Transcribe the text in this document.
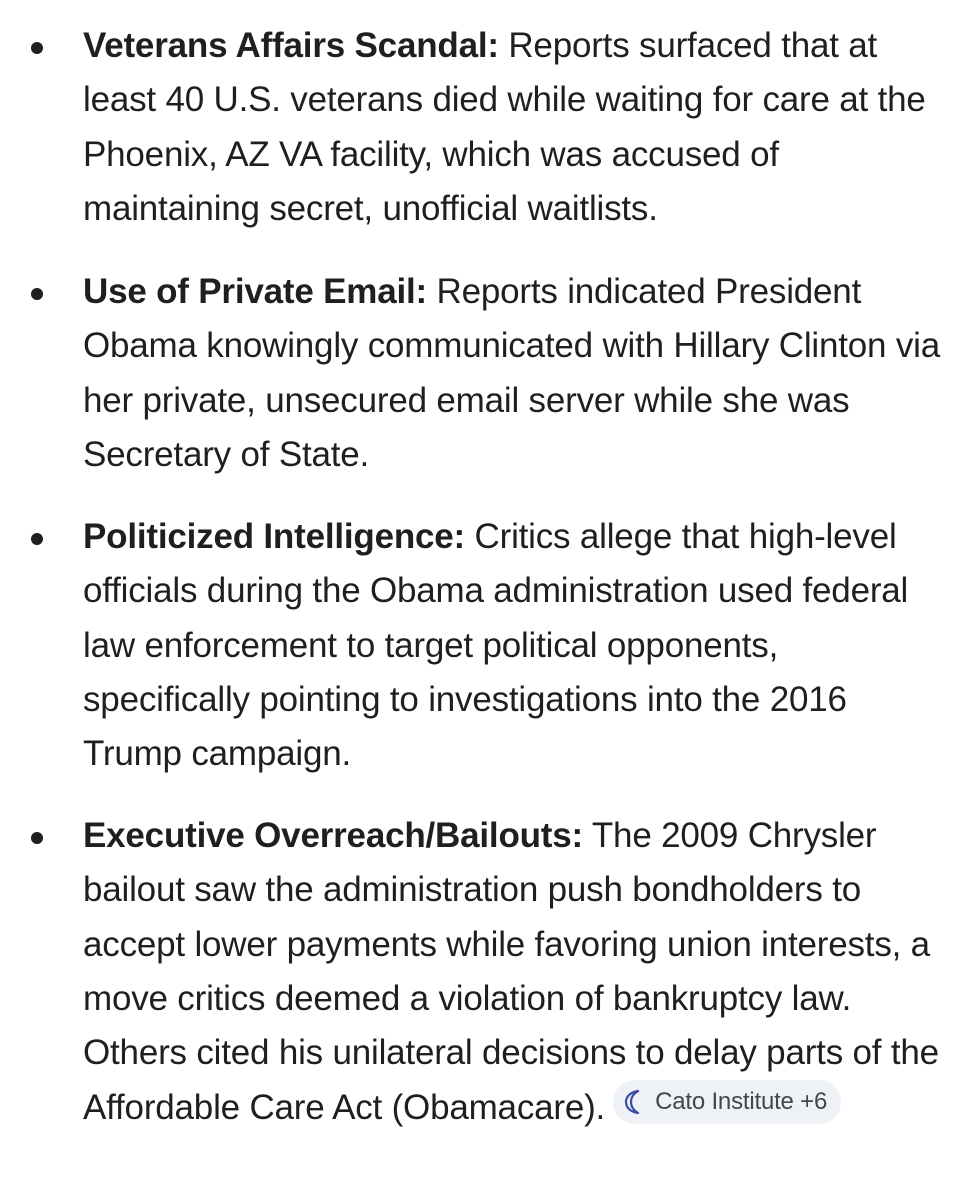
Veterans Affairs Scandal: Reports surfaced that at least 40 U.S. veterans died while waiting for care at the Phoenix, AZ VA facility, which was accused of maintaining secret, unofficial waitlists.

Use of Private Email: Reports indicated President Obama knowingly communicated with Hillary Clinton via her private, unsecured email server while she was Secretary of State.

Politicized Intelligence: Critics allege that high-level officials during the Obama administration used federal law enforcement to target political opponents, specifically pointing to investigations into the 2016 Trump campaign.

Executive Overreach/Bailouts: The 2009 Chrysler bailout saw the administration push bondholders to accept lower payments while favoring union interests, a move critics deemed a violation of bankruptcy law. Others cited his unilateral decisions to delay parts of the Affordable Care Act (Obamacare). Cato Institute +6
